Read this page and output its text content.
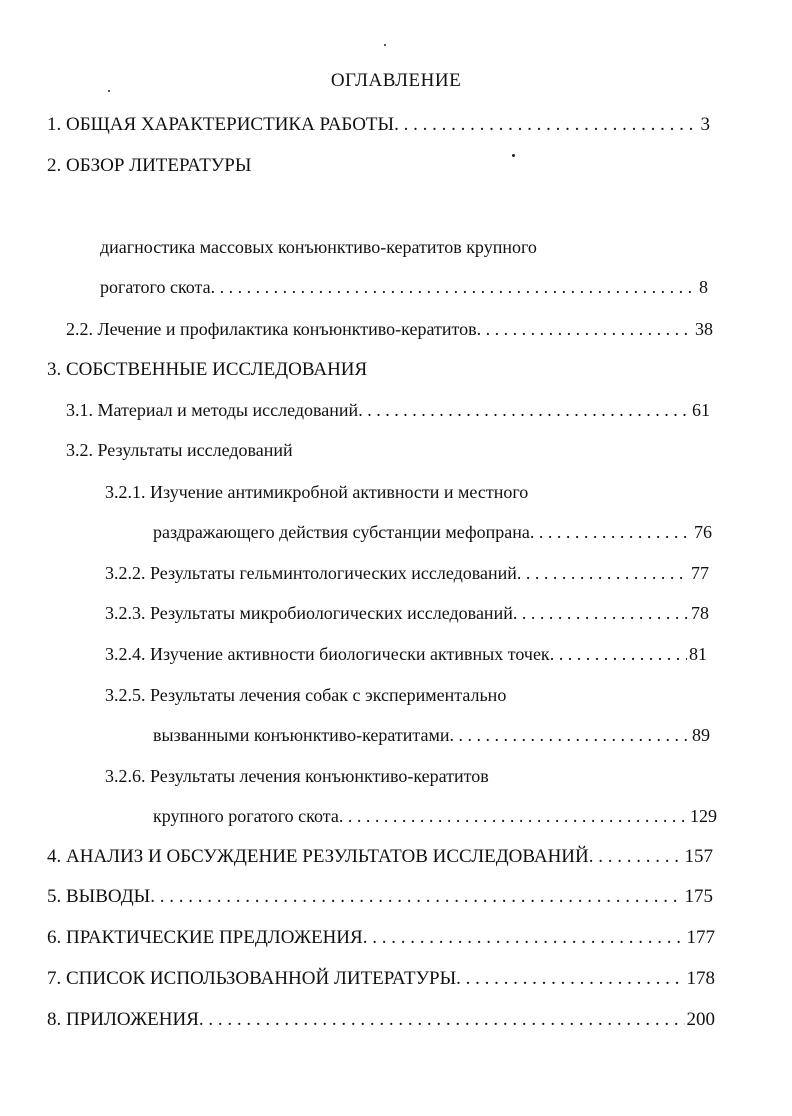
ОГЛАВЛЕНИЕ
1. ОБЩАЯ ХАРАКТЕРИСТИКА РАБОТЫ . . .	3
2. ОБЗОР ЛИТЕРАТУРЫ

диагностика массовых конъюнктиво-кератитов крупного
рогатого скота . . .	8
2.2. Лечение и профилактика конъюнктиво-кератитов . . .	38
3. СОБСТВЕННЫЕ ИССЛЕДОВАНИЯ
3.1. Материал и методы исследований . . .	61
3.2. Результаты исследований
3.2.1. Изучение антимикробной активности и местного
раздражающего действия субстанции мефопрана . . .	76
3.2.2. Результаты гельминтологических исследований . . .	77
3.2.3. Результаты микробиологических исследований . . .	78
3.2.4. Изучение активности биологически активных точек . . .	81
3.2.5. Результаты лечения собак с экспериментально
вызванными конъюнктиво-кератитами . . .	89
3.2.6. Результаты лечения конъюнктиво-кератитов
крупного рогатого скота . . .	129
4. АНАЛИЗ И ОБСУЖДЕНИЕ РЕЗУЛЬТАТОВ ИССЛЕДОВАНИЙ . . .	157
5. ВЫВОДЫ . . .	175
6. ПРАКТИЧЕСКИЕ ПРЕДЛОЖЕНИЯ . . .	177
7. СПИСОК ИСПОЛЬЗОВАННОЙ ЛИТЕРАТУРЫ . . .	178
8. ПРИЛОЖЕНИЯ . . .	200
